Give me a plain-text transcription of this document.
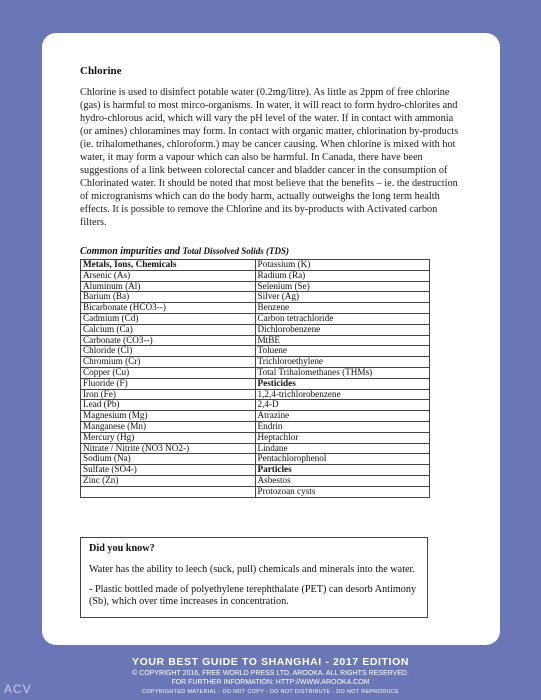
Chlorine

Chlorine is used to disinfect potable water (0.2mg/litre). As little as 2ppm of free chlorine (gas) is harmful to most mirco-organisms. In water, it will react to form hydro-chlorites and hydro-chlorous acid, which will vary the pH level of the water. If in contact with ammonia (or amines) chloramines may form. In contact with organic matter, chlorination by-products (ie. trihalomethanes, chloroform.) may be cancer causing. When chlorine is mixed with hot water, it may form a vapour which can also be harmful. In Canada, there have been suggestions of a link between colorectal cancer and bladder cancer in the consumption of Chlorinated water. It should be noted that most believe that the benefits – ie. the destruction of microgranisms which can do the body harm, actually outweighs the long term health effects. It is possible to remove the Chlorine and its by-products with Activated carbon filters.

Common impurities and Total Dissolved Solids (TDS)
Metals, Ions, Chemicals	Potassium (K)
Arsenic (As)	Radium (Ra)
Aluminum (Al)	Selenium (Se)
Barium (Ba)	Silver (Ag)
Bicarbonate (HCO3--)	Benzene
Cadmium (Cd)	Carbon tetrachloride
Calcium (Ca)	Dichlorobenzene
Carbonate (CO3--)	MtBE
Chloride (Cl)	Toluene
Chromium (Cr)	Trichloroethylene
Copper (Cu)	Total Trihalomethanes (THMs)
Fluoride (F)	Pesticides
Iron (Fe)	1,2,4-trichlorobenzene
Lead (Pb)	2,4-D
Magnesium (Mg)	Atrazine
Manganese (Mn)	Endrin
Mercury (Hg)	Heptachlor
Nitrate / Nitrite (NO3 NO2-)	Lindane
Sodium (Na)	Pentachlorophenol
Sulfate (SO4-)	Particles
Zinc (Zn)	Asbestos
	Protozoan cysts
Did you know?

Water has the ability to leech (suck, pull) chemicals and minerals into the water.

- Plastic bottled made of polyethylene terephthalate (PET) can desorb Antimony (Sb), which over time increases in concentration.

YOUR BEST GUIDE TO SHANGHAI - 2017 EDITION
© COPYRIGHT 2016, FREE WORLD PRESS LTD, AROOKA. ALL RIGHTS RESERVED.
FOR FURTHER INFORMATION: HTTP://WWW.AROOKA.COM
COPYRIGHTED MATERIAL - DO NOT COPY - DO NOT DISTRIBUTE - DO NOT REPRODUCE
ACV
